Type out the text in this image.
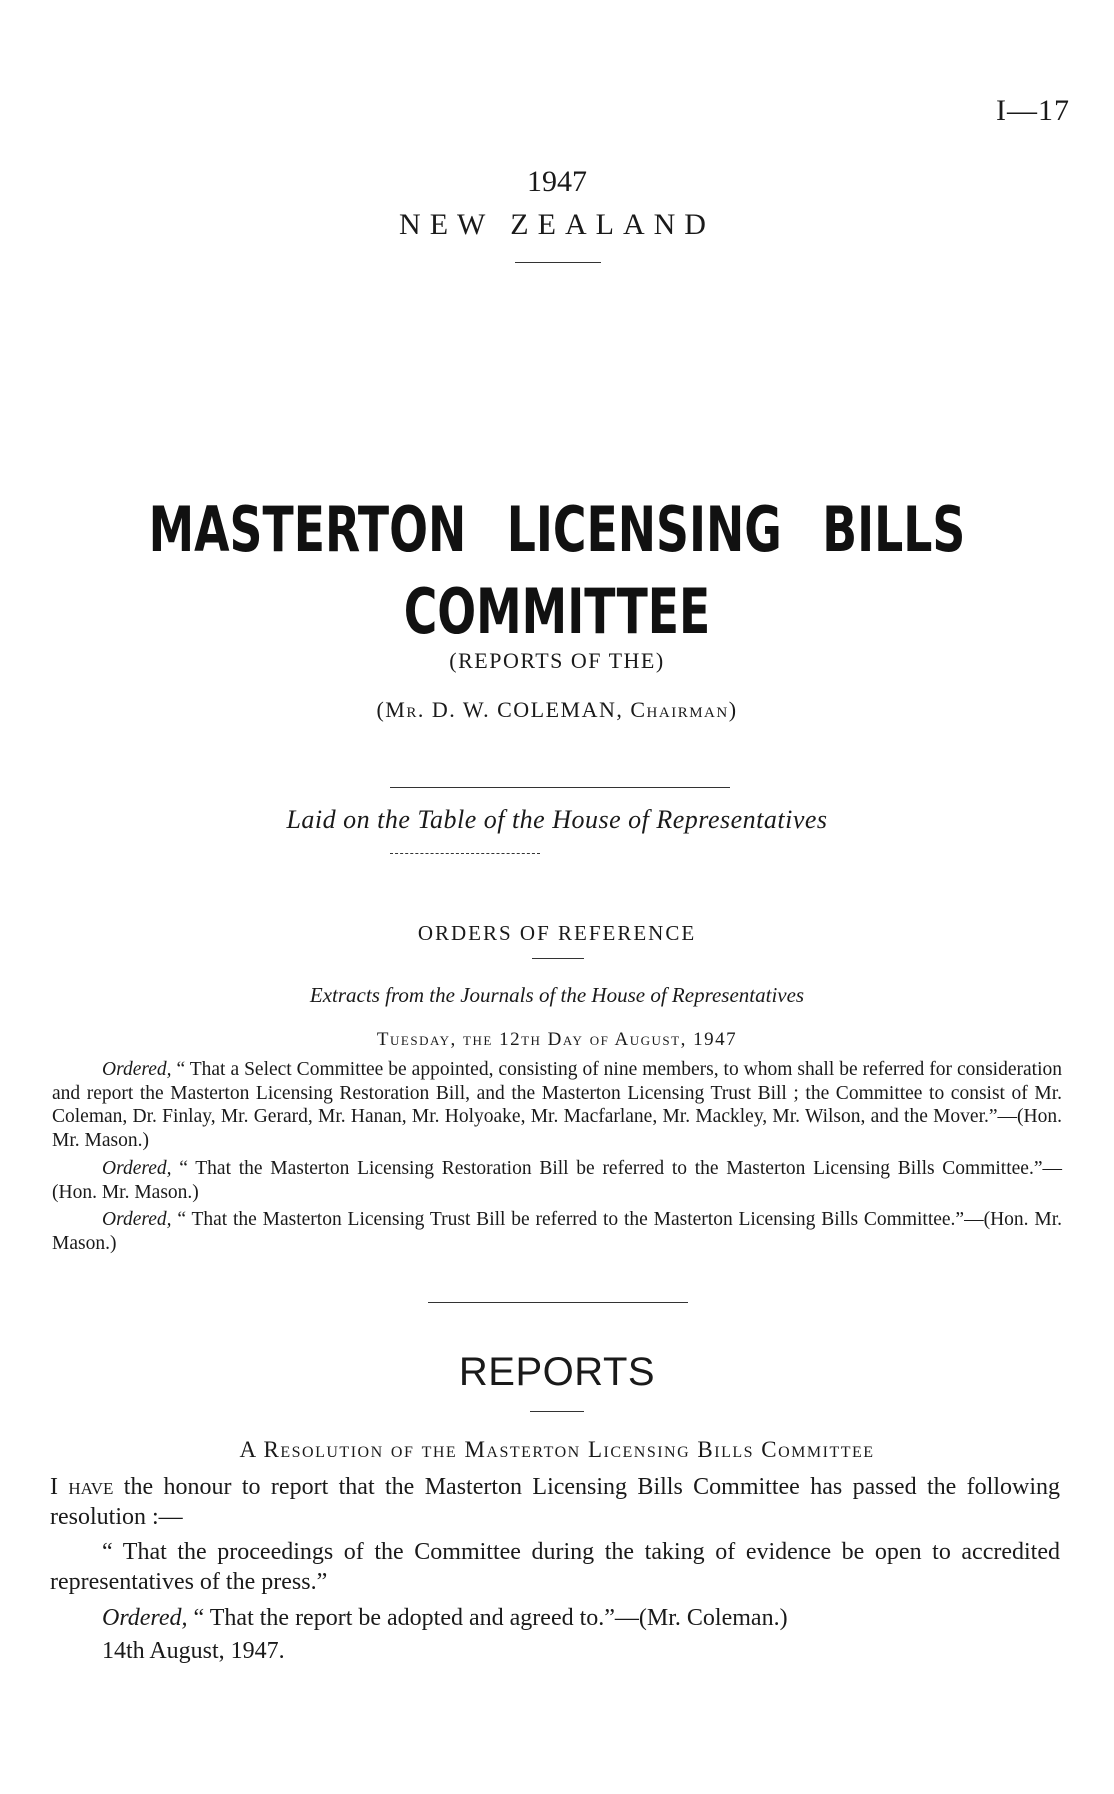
I—17
1947
NEW ZEALAND
MASTERTON LICENSING BILLS
COMMITTEE
(REPORTS OF THE)
(Mr. D. W. COLEMAN, Chairman)
Laid on the Table of the House of Representatives
ORDERS OF REFERENCE
Extracts from the Journals of the House of Representatives
Tuesday, the 12th Day of August, 1947

Ordered, “ That a Select Committee be appointed, consisting of nine members, to whom shall be referred for consideration and report the Masterton Licensing Restoration Bill, and the Masterton Licensing Trust Bill ; the Committee to consist of Mr. Coleman, Dr. Finlay, Mr. Gerard, Mr. Hanan, Mr. Holyoake, Mr. Macfarlane, Mr. Mackley, Mr. Wilson, and the Mover.”—(Hon. Mr. Mason.)

Ordered, “ That the Masterton Licensing Restoration Bill be referred to the Masterton Licensing Bills Committee.”—(Hon. Mr. Mason.)

Ordered, “ That the Masterton Licensing Trust Bill be referred to the Masterton Licensing Bills Committee.”—(Hon. Mr. Mason.)

REPORTS
A Resolution of the Masterton Licensing Bills Committee

I have the honour to report that the Masterton Licensing Bills Committee has passed the following resolution :—

“ That the proceedings of the Committee during the taking of evidence be open to accredited representatives of the press.”

Ordered, “ That the report be adopted and agreed to.”—(Mr. Coleman.)

14th August, 1947.
